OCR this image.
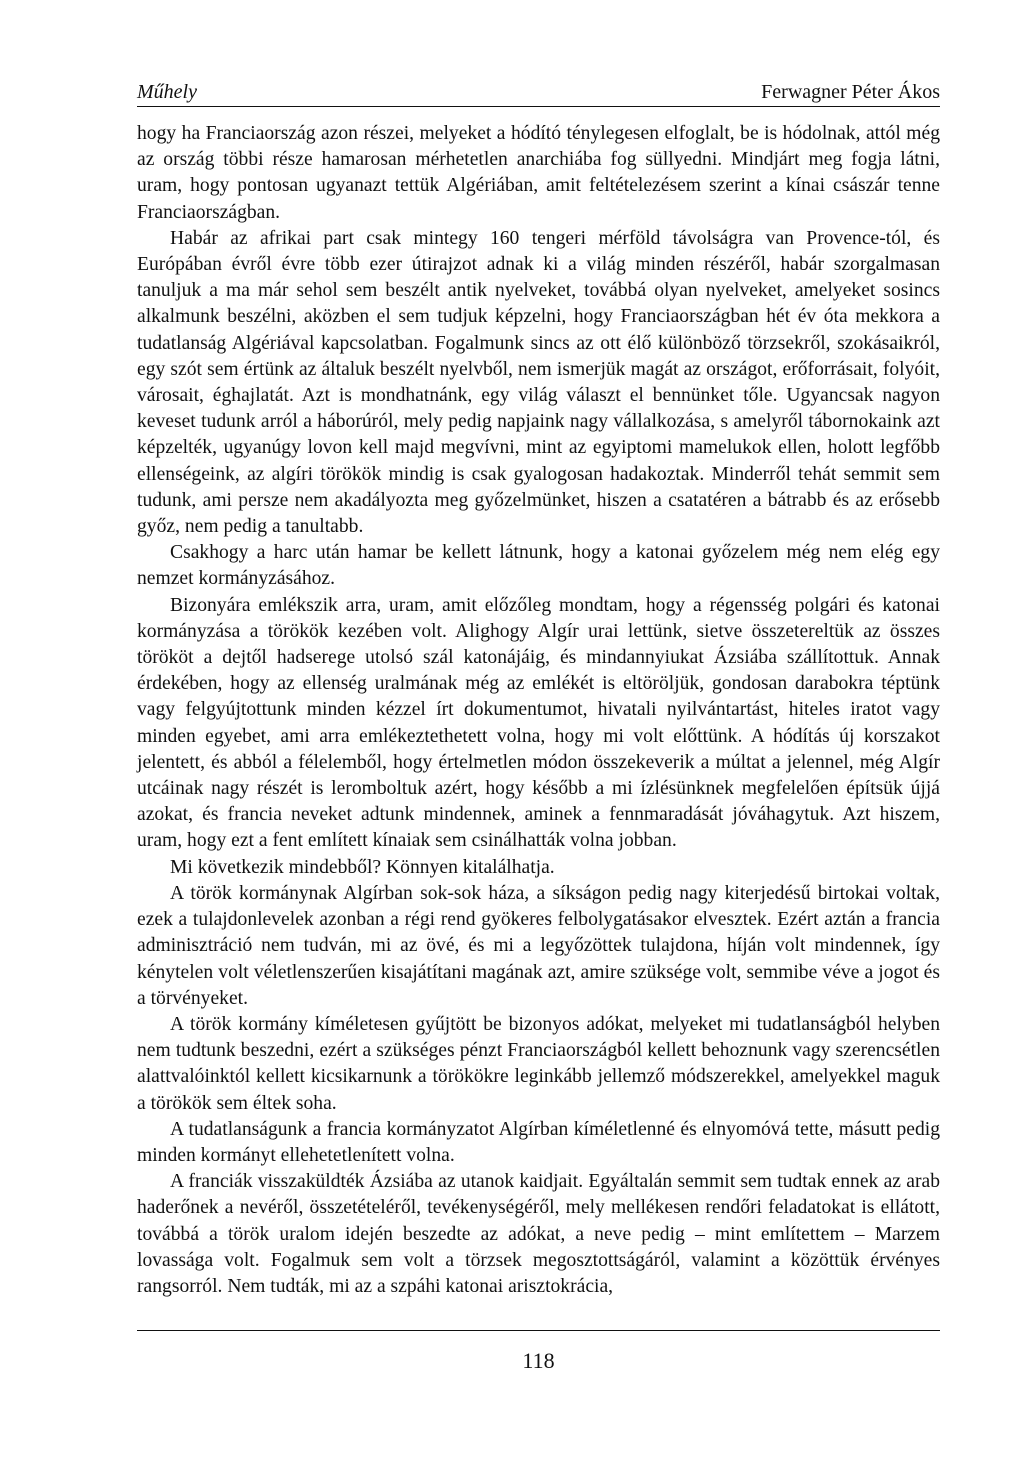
Műhely	Ferwagner Péter Ákos

hogy ha Franciaország azon részei, melyeket a hódító ténylegesen elfoglalt, be is hódolnak, attól még az ország többi része hamarosan mérhetetlen anarchiába fog süllyedni. Mindjárt meg fogja látni, uram, hogy pontosan ugyanazt tettük Algériában, amit feltételezésem szerint a kínai császár tenne Franciaországban.

Habár az afrikai part csak mintegy 160 tengeri mérföld távolságra van Provence-tól, és Európában évről évre több ezer útirajzot adnak ki a világ minden részéről, habár szorgalmasan tanuljuk a ma már sehol sem beszélt antik nyelveket, továbbá olyan nyelveket, amelyeket sosincs alkalmunk beszélni, aközben el sem tudjuk képzelni, hogy Franciaországban hét év óta mekkora a tudatlanság Algériával kapcsolatban. Fogalmunk sincs az ott élő különböző törzsekről, szokásaikról, egy szót sem értünk az általuk beszélt nyelvből, nem ismerjük magát az országot, erőforrásait, folyóit, városait, éghajlatát. Azt is mondhatnánk, egy világ választ el bennünket tőle. Ugyancsak nagyon keveset tudunk arról a háborúról, mely pedig napjaink nagy vállalkozása, s amelyről tábornokaink azt képzelték, ugyanúgy lovon kell majd megvívni, mint az egyiptomi mamelukok ellen, holott legfőbb ellenségeink, az algíri törökök mindig is csak gyalogosan hadakoztak. Minderről tehát semmit sem tudunk, ami persze nem akadályozta meg győzelmünket, hiszen a csatatéren a bátrabb és az erősebb győz, nem pedig a tanultabb.

Csakhogy a harc után hamar be kellett látnunk, hogy a katonai győzelem még nem elég egy nemzet kormányzásához.

Bizonyára emlékszik arra, uram, amit előzőleg mondtam, hogy a régensség polgári és katonai kormányzása a törökök kezében volt. Alighogy Algír urai lettünk, sietve összetereltük az összes törököt a dejtől hadserege utolsó szál katonájáig, és mindannyiukat Ázsiába szállítottuk. Annak érdekében, hogy az ellenség uralmának még az emlékét is eltöröljük, gondosan darabokra téptünk vagy felgyújtottunk minden kézzel írt dokumentumot, hivatali nyilvántartást, hiteles iratot vagy minden egyebet, ami arra emlékeztethetett volna, hogy mi volt előttünk. A hódítás új korszakot jelentett, és abból a félelemből, hogy értelmetlen módon összekeverik a múltat a jelennel, még Algír utcáinak nagy részét is leromboltuk azért, hogy később a mi ízlésünknek megfelelően építsük újjá azokat, és francia neveket adtunk mindennek, aminek a fennmaradását jóváhagytuk. Azt hiszem, uram, hogy ezt a fent említett kínaiak sem csinálhatták volna jobban.

Mi következik mindebből? Könnyen kitalálhatja.

A török kormánynak Algírban sok-sok háza, a síkságon pedig nagy kiterjedésű birtokai voltak, ezek a tulajdonlevelek azonban a régi rend gyökeres felbolygatásakor elvesztek. Ezért aztán a francia adminisztráció nem tudván, mi az övé, és mi a legyőzöttek tulajdona, híján volt mindennek, így kénytelen volt véletlenszerűen kisajátítani magának azt, amire szüksége volt, semmibe véve a jogot és a törvényeket.

A török kormány kíméletesen gyűjtött be bizonyos adókat, melyeket mi tudatlanságból helyben nem tudtunk beszedni, ezért a szükséges pénzt Franciaországból kellett behoznunk vagy szerencsétlen alattvalóinktól kellett kicsikarnunk a törökökre leginkább jellemző módszerekkel, amelyekkel maguk a törökök sem éltek soha.

A tudatlanságunk a francia kormányzatot Algírban kíméletlenné és elnyomóvá tette, másutt pedig minden kormányt ellehetetlenített volna.

A franciák visszaküldték Ázsiába az utanok kaidjait. Egyáltalán semmit sem tudtak ennek az arab haderőnek a nevéről, összetételéről, tevékenységéről, mely mellékesen rendőri feladatokat is ellátott, továbbá a török uralom idején beszedte az adókat, a neve pedig – mint említettem – Marzem lovassága volt. Fogalmuk sem volt a törzsek megosztottságáról, valamint a közöttük érvényes rangsorról. Nem tudták, mi az a szpáhi katonai arisztokrácia,

118
